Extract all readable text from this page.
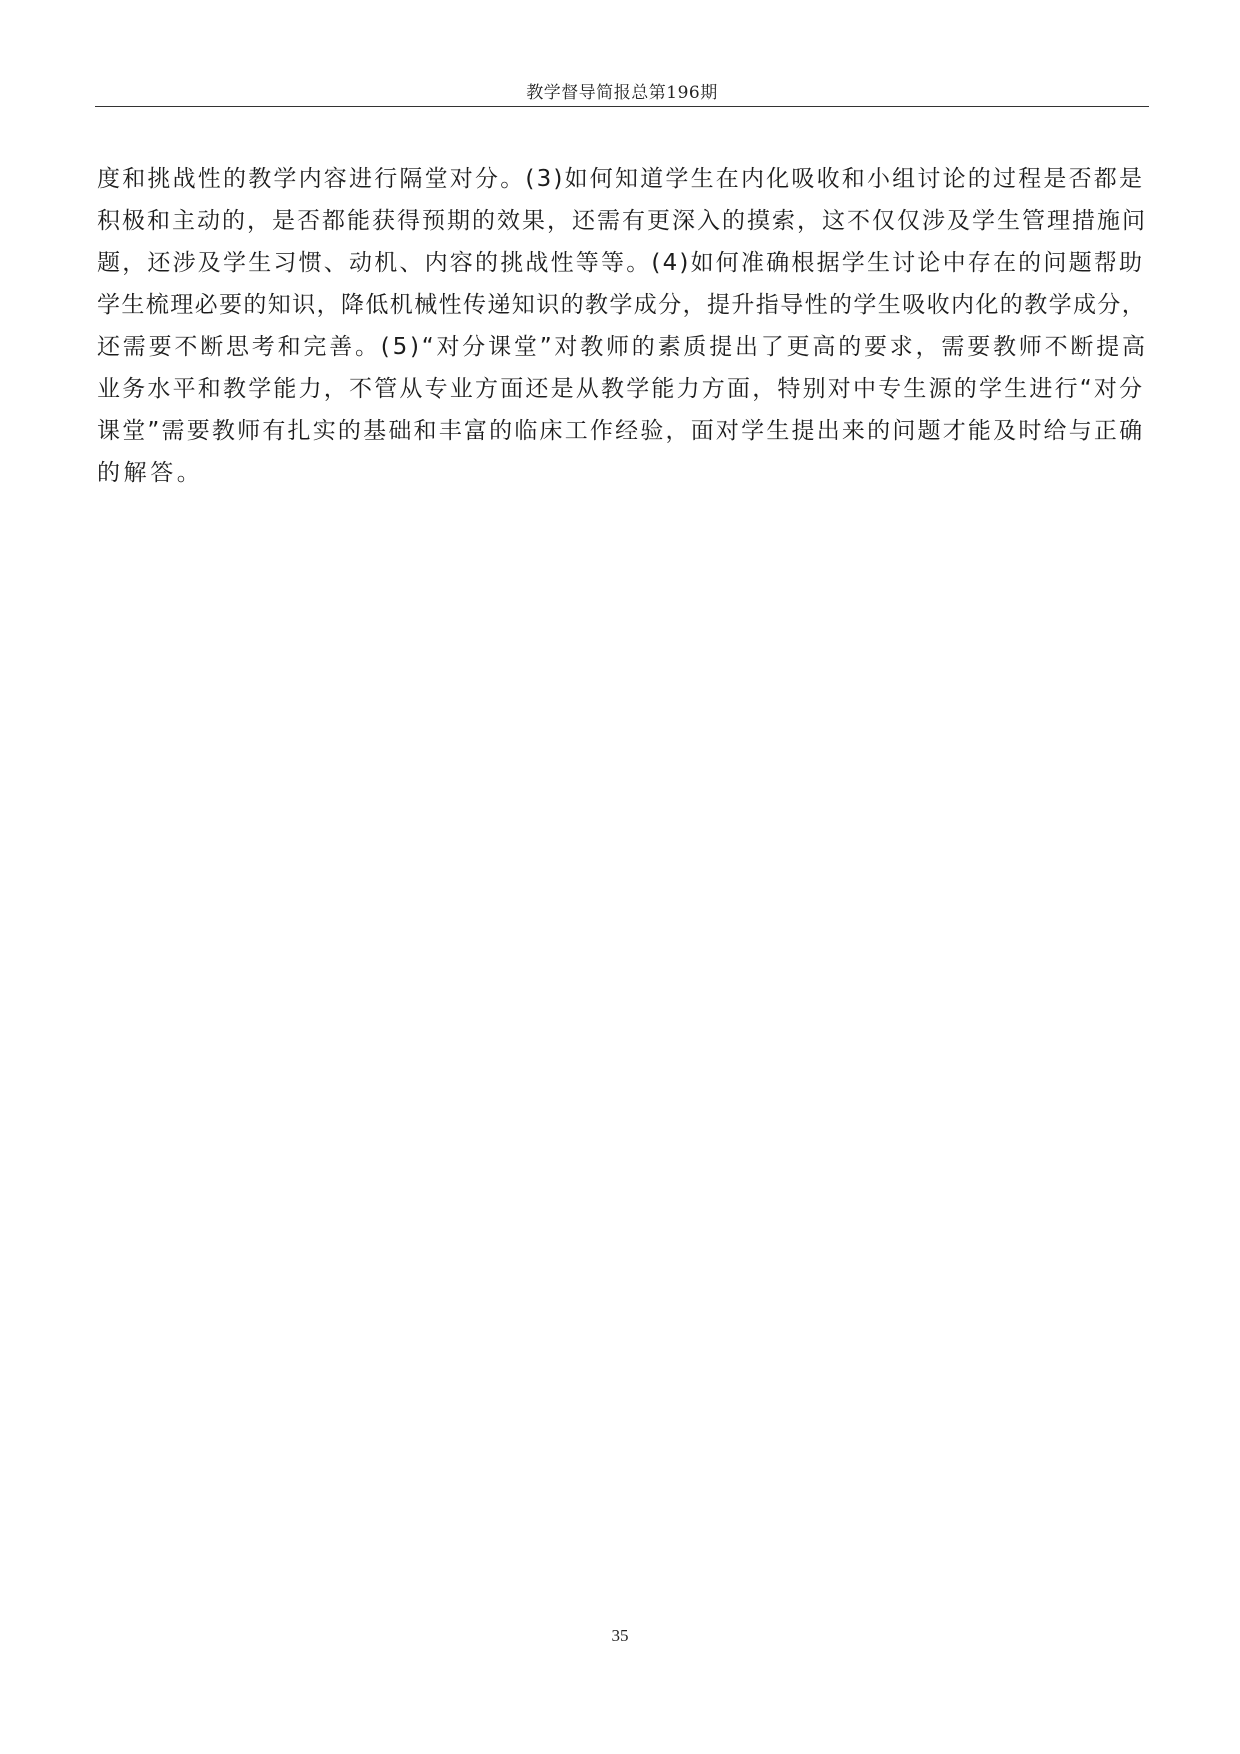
教学督导简报总第196期
度和挑战性的教学内容进行隔堂对分。(3)如何知道学生在内化吸收和小组讨论的过程是否都是
积极和主动的，是否都能获得预期的效果，还需有更深入的摸索，这不仅仅涉及学生管理措施问
题，还涉及学生习惯、动机、内容的挑战性等等。(4)如何准确根据学生讨论中存在的问题帮助
学生梳理必要的知识，降低机械性传递知识的教学成分，提升指导性的学生吸收内化的教学成分，
还需要不断思考和完善。(5)“对分课堂”对教师的素质提出了更高的要求，需要教师不断提高
业务水平和教学能力，不管从专业方面还是从教学能力方面，特别对中专生源的学生进行“对分
课堂”需要教师有扎实的基础和丰富的临床工作经验，面对学生提出来的问题才能及时给与正确
的解答。
35
